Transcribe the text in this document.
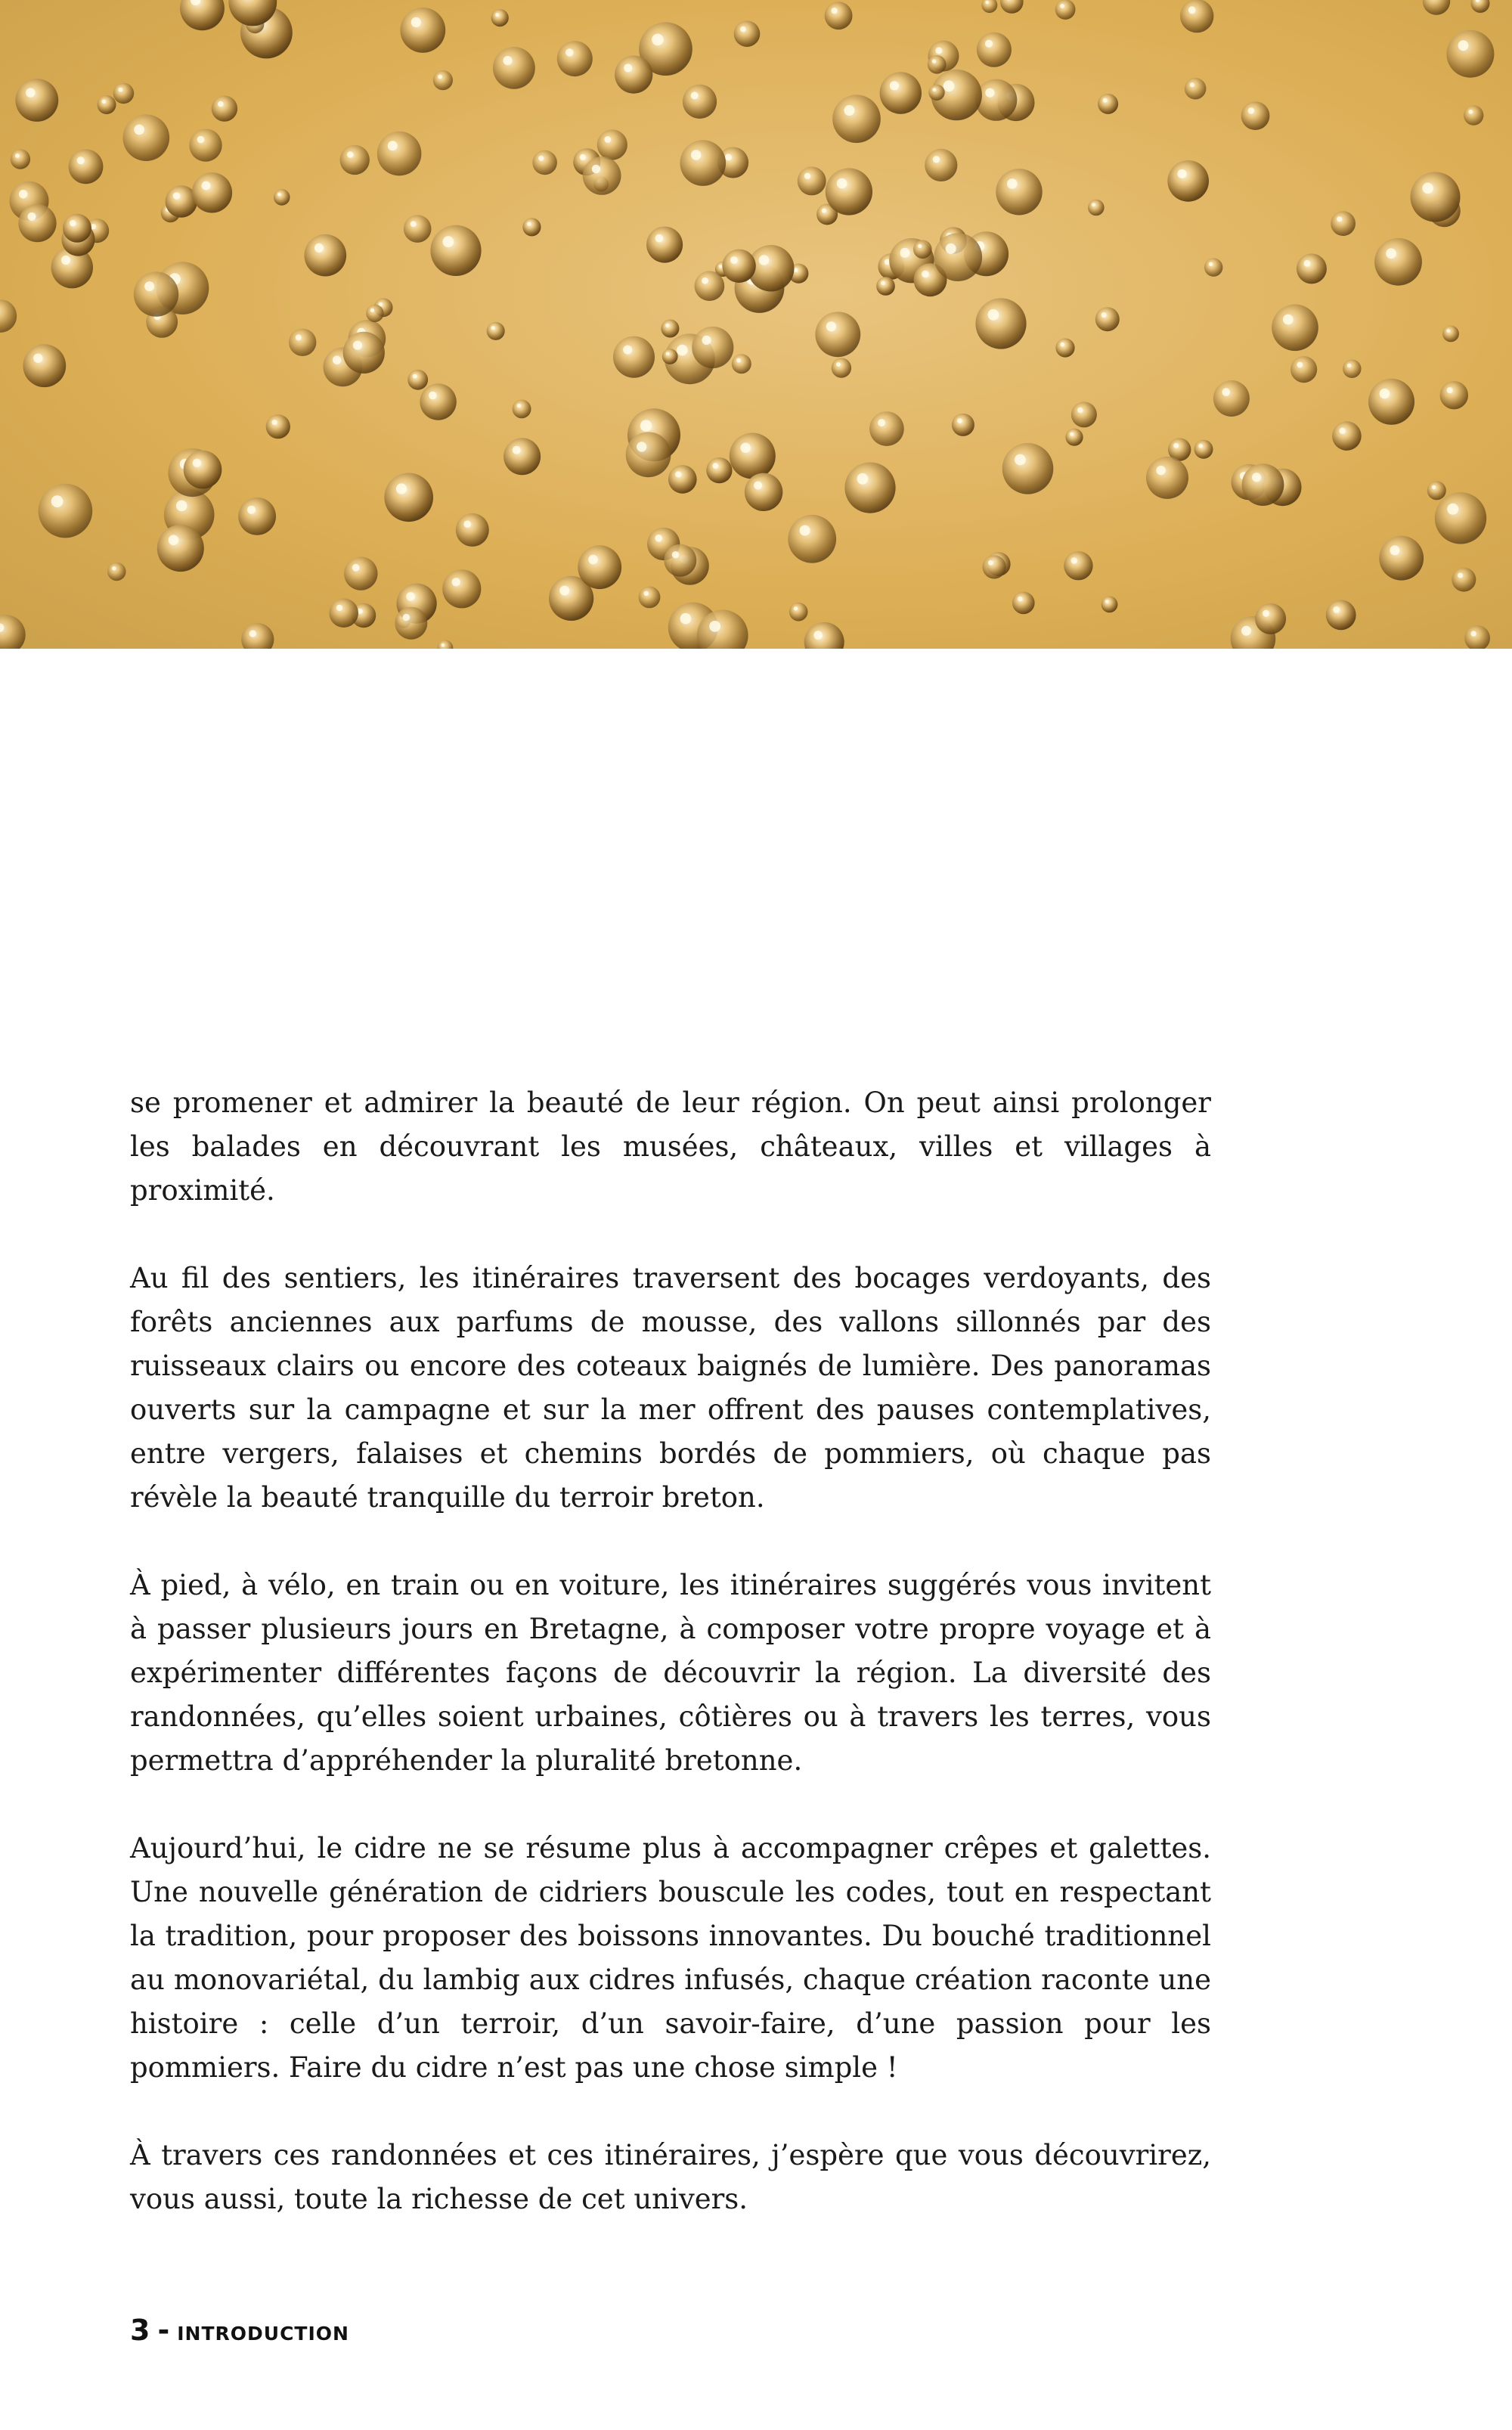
se promener et admirer la beauté de leur région. On peut ainsi prolonger les balades en découvrant les musées, châteaux, villes et villages à proximité.

Au fil des sentiers, les itinéraires traversent des bocages verdoyants, des forêts anciennes aux parfums de mousse, des vallons sillonnés par des ruisseaux clairs ou encore des coteaux baignés de lumière. Des panoramas ouverts sur la campagne et sur la mer offrent des pauses contemplatives, entre vergers, falaises et chemins bordés de pommiers, où chaque pas révèle la beauté tranquille du terroir breton.

À pied, à vélo, en train ou en voiture, les itinéraires suggérés vous invitent à passer plusieurs jours en Bretagne, à composer votre propre voyage et à expérimenter différentes façons de découvrir la région. La diversité des randonnées, qu’elles soient urbaines, côtières ou à travers les terres, vous permettra d’appréhender la pluralité bretonne.

Aujourd’hui, le cidre ne se résume plus à accompagner crêpes et galettes. Une nouvelle génération de cidriers bouscule les codes, tout en respectant la tradition, pour proposer des boissons innovantes. Du bouché traditionnel au monovariétal, du lambig aux cidres infusés, chaque création raconte une histoire : celle d’un terroir, d’un savoir-faire, d’une passion pour les pommiers. Faire du cidre n’est pas une chose simple !

À travers ces randonnées et ces itinéraires, j’espère que vous découvrirez, vous aussi, toute la richesse de cet univers.

3 - INTRODUCTION
